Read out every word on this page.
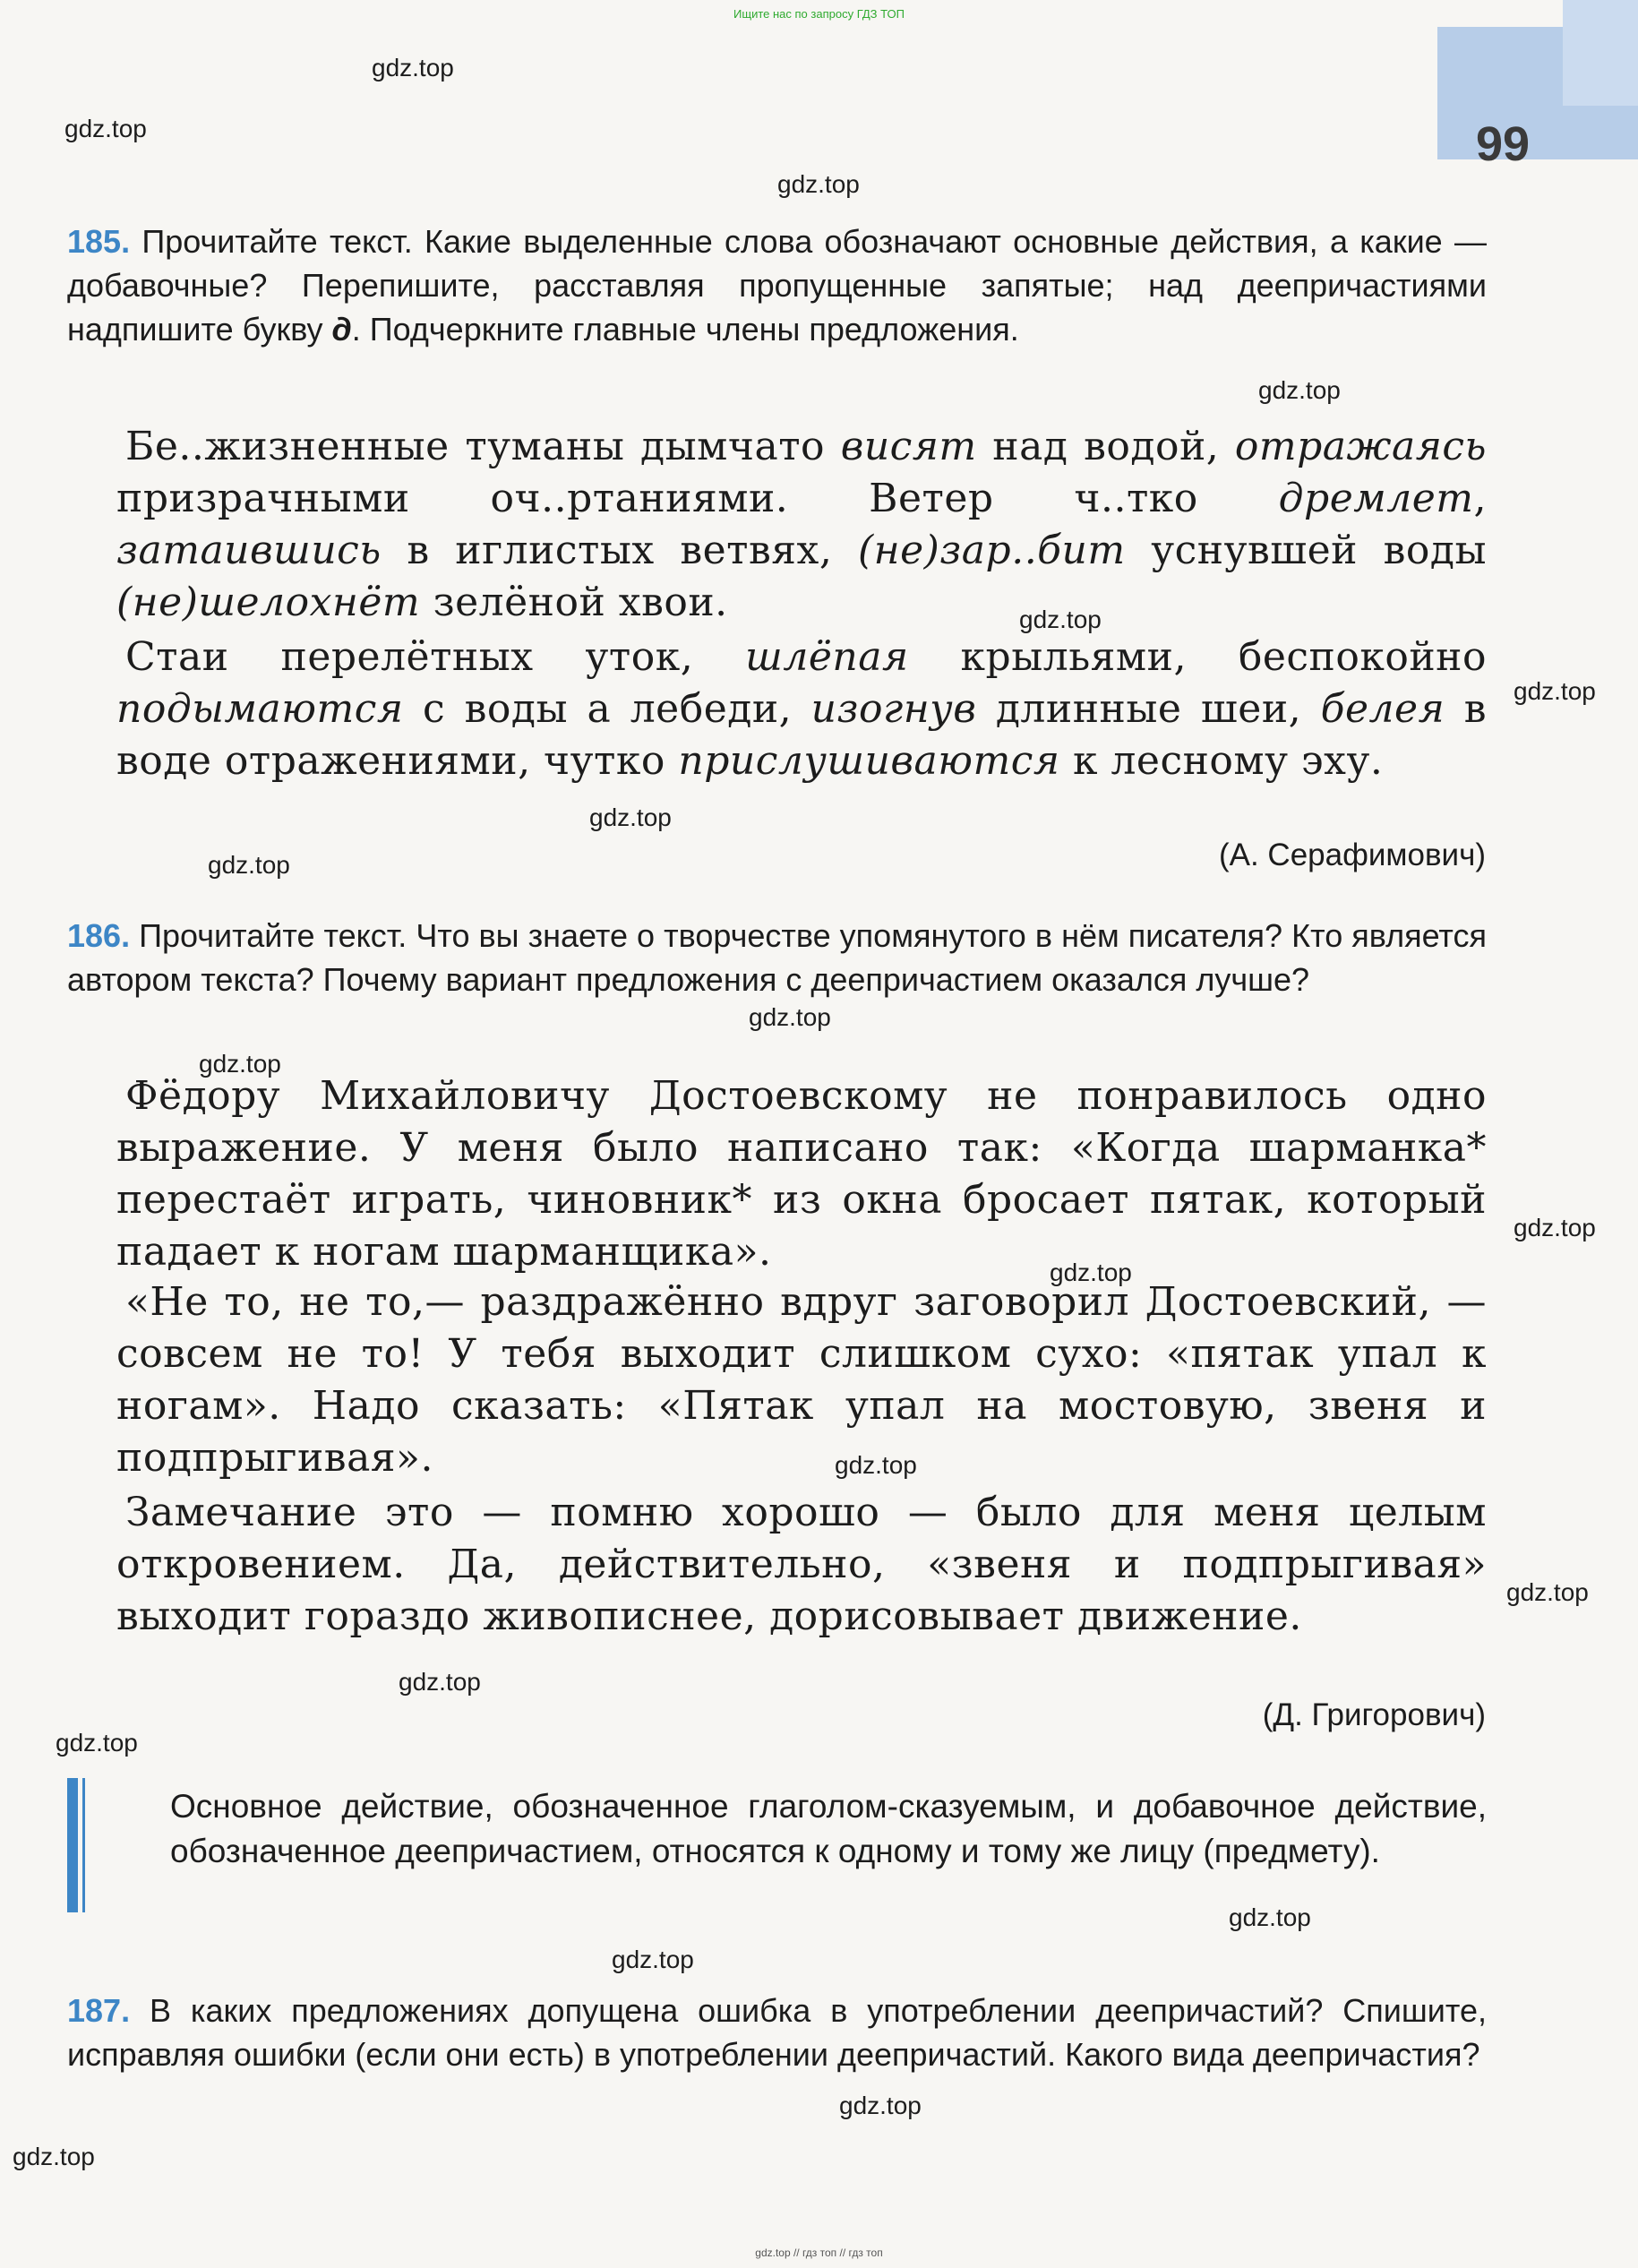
Ищите нас по запросу ГДЗ ТОП
99
185. Прочитайте текст. Какие выделенные слова обозначают основные действия, а какие — добавочные? Перепишите, расставляя пропущенные запятые; над деепричастиями надпишите букву д. Подчеркните главные члены предложения.
Бе..жизненные туманы дымчато висят над водой, отражаясь призрачными оч..ртаниями. Ветер ч..тко дремлет, затаившись в иглистых ветвях, (не)зар..бит уснувшей воды (не)шелохнёт зелёной хвои.
Стаи перелётных уток, шлёпая крыльями, беспокойно подымаются с воды а лебеди, изогнув длинные шеи, белея в воде отражениями, чутко прислушиваются к лесному эху.
(А. Серафимович)
186. Прочитайте текст. Что вы знаете о творчестве упомянутого в нём писателя? Кто является автором текста? Почему вариант предложения с деепричастием оказался лучше?
Фёдору Михайловичу Достоевскому не понравилось одно выражение. У меня было написано так: «Когда шарманка* перестаёт играть, чиновник* из окна бросает пятак, который падает к ногам шарманщика».
«Не то, не то,— раздражённо вдруг заговорил Достоевский, — совсем не то! У тебя выходит слишком сухо: «пятак упал к ногам». Надо сказать: «Пятак упал на мостовую, звеня и подпрыгивая».
Замечание это — помню хорошо — было для меня целым откровением. Да, действительно, «звеня и подпрыгивая» выходит гораздо живописнее, дорисовывает движение.
(Д. Григорович)
Основное действие, обозначенное глаголом-сказуемым, и добавочное действие, обозначенное деепричастием, относятся к одному и тому же лицу (предмету).
187. В каких предложениях допущена ошибка в употреблении деепричастий? Спишите, исправляя ошибки (если они есть) в употреблении деепричастий. Какого вида деепричастия?
gdz.top
gdz.top
gdz.top
gdz.top
gdz.top
gdz.top
gdz.top
gdz.top
gdz.top
gdz.top
gdz.top
gdz.top
gdz.top
gdz.top
gdz.top
gdz.top
gdz.top
gdz.top
gdz.top
gdz.top
gdz.top // гдз топ // гдз топ
